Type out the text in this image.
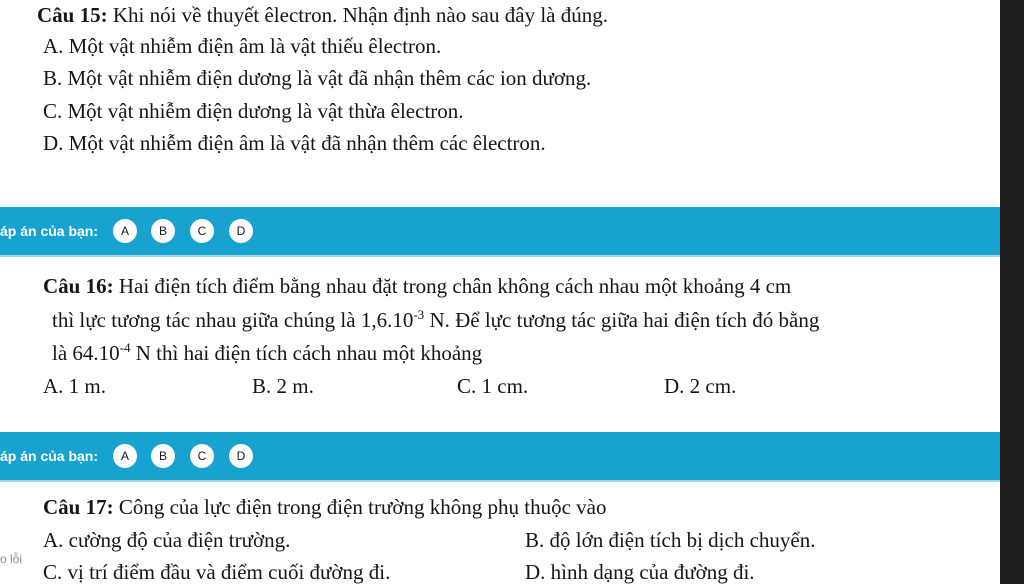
Câu 15: Khi nói về thuyết êlectron. Nhận định nào sau đây là đúng.
A. Một vật nhiễm điện âm là vật thiếu êlectron.
B. Một vật nhiễm điện dương là vật đã nhận thêm các ion dương.
C. Một vật nhiễm điện dương là vật thừa êlectron.
D. Một vật nhiễm điện âm là vật đã nhận thêm các êlectron.
áp án của bạn:	A	B	C	D
Câu 16: Hai điện tích điểm bằng nhau đặt trong chân không cách nhau một khoảng 4 cm
thì lực tương tác nhau giữa chúng là $1,6.10^{-3}$ N. Để lực tương tác giữa hai điện tích đó bằng
là $64.10^{-4}$ N thì hai điện tích cách nhau một khoảng
A. 1 m.	B. 2 m.	C. 1 cm.	D. 2 cm.
áp án của bạn:	A	B	C	D
Câu 17: Công của lực điện trong điện trường không phụ thuộc vào
A. cường độ của điện trường.	B. độ lớn điện tích bị dịch chuyển.
C. vị trí điểm đầu và điểm cuối đường đi.	D. hình dạng của đường đi.
o lỗi
